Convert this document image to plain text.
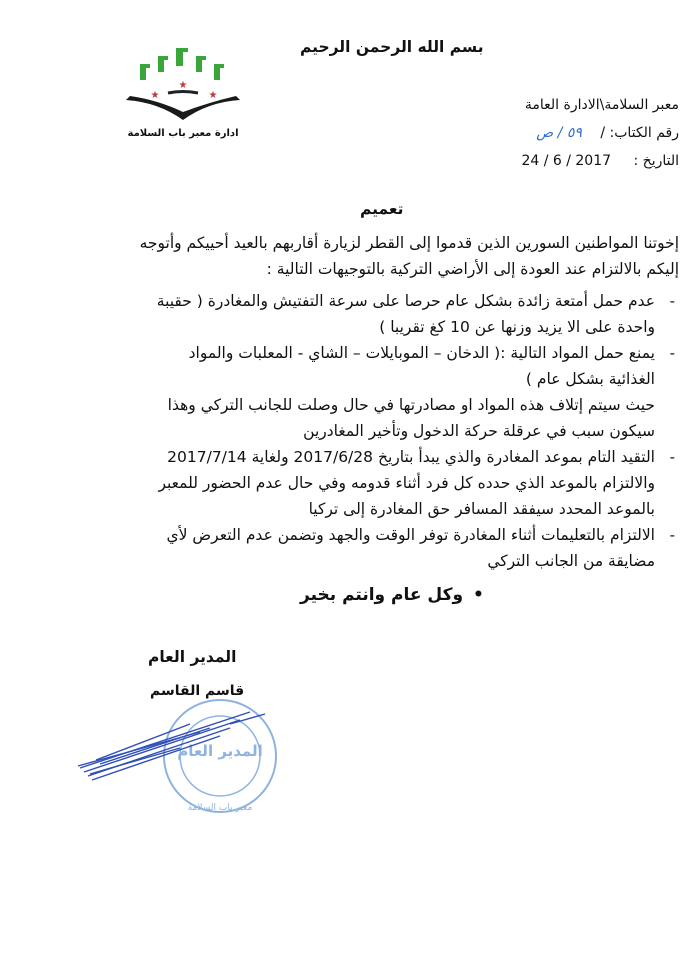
★
★	★
ادارة معبر باب السلامة
بسم الله الرحمن الرحيم
معبر السلامة\الادارة العامة
رقم الكتاب: / ٥٩ / ص
التاريخ : 24 / 6 / 2017
تعميم
إخوتنا المواطنين السورين الذين قدموا إلى القطر لزيارة أقاربهم بالعيد أحييكم وأتوجه
إليكم بالالتزام عند العودة إلى الأراضي التركية بالتوجيهات التالية :
-
عدم حمل أمتعة زائدة بشكل عام حرصا على سرعة التفتيش والمغادرة ( حقيبة
واحدة على الا يزيد وزنها عن 10 كغ تقريبا )
-
يمنع حمل المواد التالية :( الدخان – الموبايلات – الشاي - المعلبات والمواد
الغذائية بشكل عام )
حيث سيتم إتلاف هذه المواد او مصادرتها في حال وصلت للجانب التركي وهذا
سيكون سبب في عرقلة حركة الدخول وتأخير المغادرين
-
التقيد التام بموعد المغادرة والذي يبدأ بتاريخ 2017/6/28 ولغاية 2017/7/14
والالتزام بالموعد الذي حدده كل فرد أثناء قدومه وفي حال عدم الحضور للمعبر
بالموعد المحدد سيفقد المسافر حق المغادرة إلى تركيا
-
الالتزام بالتعليمات أثناء المغادرة توفر الوقت والجهد وتضمن عدم التعرض لأي
مضايقة من الجانب التركي
•وكل عام وانتم بخير
المدير العام
قاسم القاسم
المدير العام
معبر باب السلامة
